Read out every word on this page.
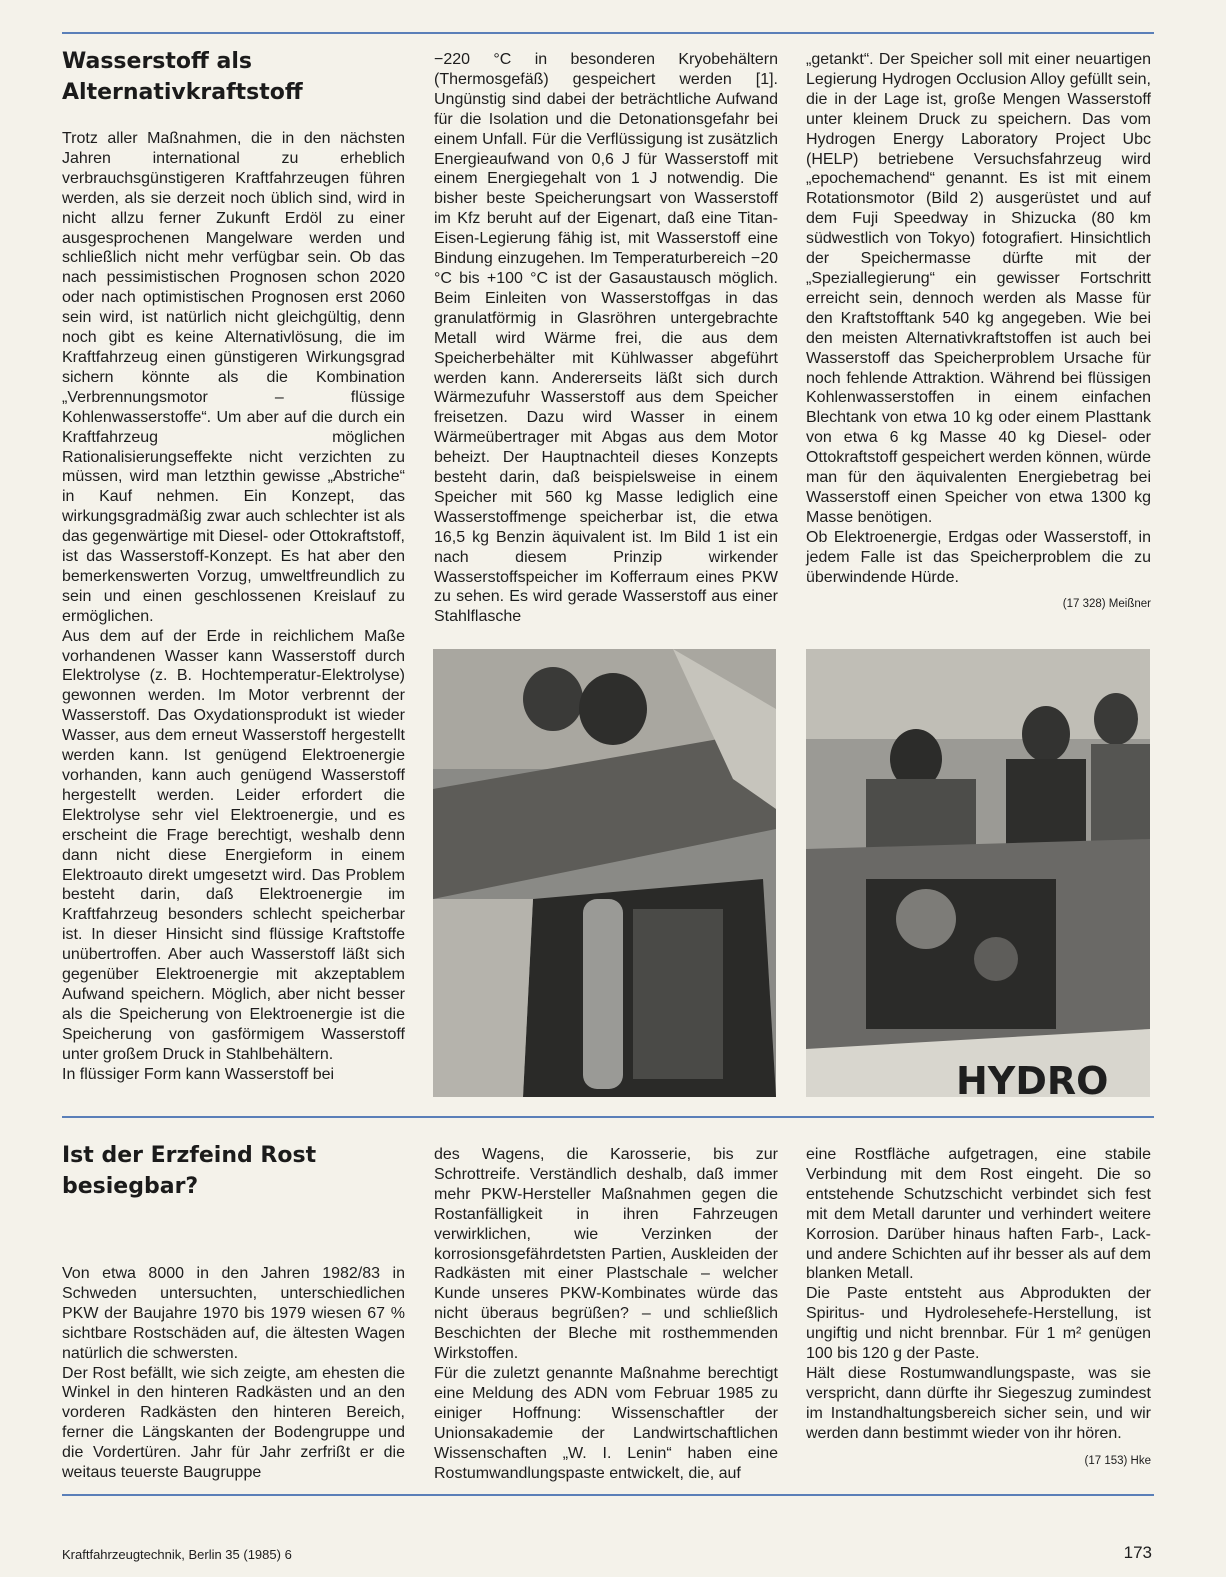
Wasserstoff als
Alternativkraftstoff

Trotz aller Maßnahmen, die in den nächsten Jahren international zu erheblich verbrauchsgünstigeren Kraftfahrzeugen führen werden, als sie derzeit noch üblich sind, wird in nicht allzu ferner Zukunft Erdöl zu einer ausgesprochenen Mangelware werden und schließlich nicht mehr verfügbar sein. Ob das nach pessimistischen Prognosen schon 2020 oder nach optimistischen Prognosen erst 2060 sein wird, ist natürlich nicht gleichgültig, denn noch gibt es keine Alternativlösung, die im Kraftfahrzeug einen günstigeren Wirkungsgrad sichern könnte als die Kombination „Verbrennungsmotor – flüssige Kohlenwasserstoffe“. Um aber auf die durch ein Kraftfahrzeug möglichen Rationalisierungseffekte nicht verzichten zu müssen, wird man letzthin gewisse „Abstriche“ in Kauf nehmen. Ein Konzept, das wirkungsgradmäßig zwar auch schlechter ist als das gegenwärtige mit Diesel- oder Ottokraftstoff, ist das Wasserstoff-Konzept. Es hat aber den bemerkenswerten Vorzug, umweltfreundlich zu sein und einen geschlossenen Kreislauf zu ermöglichen.

Aus dem auf der Erde in reichlichem Maße vorhandenen Wasser kann Wasserstoff durch Elektrolyse (z. B. Hochtemperatur-Elektrolyse) gewonnen werden. Im Motor verbrennt der Wasserstoff. Das Oxydationsprodukt ist wieder Wasser, aus dem erneut Wasserstoff hergestellt werden kann. Ist genügend Elektroenergie vorhanden, kann auch genügend Wasserstoff hergestellt werden. Leider erfordert die Elektrolyse sehr viel Elektroenergie, und es erscheint die Frage berechtigt, weshalb denn dann nicht diese Energieform in einem Elektroauto direkt umgesetzt wird. Das Problem besteht darin, daß Elektroenergie im Kraftfahrzeug besonders schlecht speicherbar ist. In dieser Hinsicht sind flüssige Kraftstoffe unübertroffen. Aber auch Wasserstoff läßt sich gegenüber Elektroenergie mit akzeptablem Aufwand speichern. Möglich, aber nicht besser als die Speicherung von Elektroenergie ist die Speicherung von gasförmigem Wasserstoff unter großem Druck in Stahlbehältern.

In flüssiger Form kann Wasserstoff bei

−220 °C in besonderen Kryobehältern (Thermosgefäß) gespeichert werden [1]. Ungünstig sind dabei der beträchtliche Aufwand für die Isolation und die Detonationsgefahr bei einem Unfall. Für die Verflüssigung ist zusätzlich Energieaufwand von 0,6 J für Wasserstoff mit einem Energiegehalt von 1 J notwendig. Die bisher beste Speicherungsart von Wasserstoff im Kfz beruht auf der Eigenart, daß eine Titan-Eisen-Legierung fähig ist, mit Wasserstoff eine Bindung einzugehen. Im Temperaturbereich −20 °C bis +100 °C ist der Gasaustausch möglich. Beim Einleiten von Wasserstoffgas in das granulatförmig in Glasröhren untergebrachte Metall wird Wärme frei, die aus dem Speicherbehälter mit Kühlwasser abgeführt werden kann. Andererseits läßt sich durch Wärmezufuhr Wasserstoff aus dem Speicher freisetzen. Dazu wird Wasser in einem Wärmeübertrager mit Abgas aus dem Motor beheizt. Der Hauptnachteil dieses Konzepts besteht darin, daß beispielsweise in einem Speicher mit 560 kg Masse lediglich eine Wasserstoffmenge speicherbar ist, die etwa 16,5 kg Benzin äquivalent ist. Im Bild 1 ist ein nach diesem Prinzip wirkender Wasserstoffspeicher im Kofferraum eines PKW zu sehen. Es wird gerade Wasserstoff aus einer Stahlflasche

„getankt“. Der Speicher soll mit einer neuartigen Legierung Hydrogen Occlusion Alloy gefüllt sein, die in der Lage ist, große Mengen Wasserstoff unter kleinem Druck zu speichern. Das vom Hydrogen Energy Laboratory Project Ubc (HELP) betriebene Versuchsfahrzeug wird „epochemachend“ genannt. Es ist mit einem Rotationsmotor (Bild 2) ausgerüstet und auf dem Fuji Speedway in Shizucka (80 km südwestlich von Tokyo) fotografiert. Hinsichtlich der Speichermasse dürfte mit der „Speziallegierung“ ein gewisser Fortschritt erreicht sein, dennoch werden als Masse für den Kraftstofftank 540 kg angegeben. Wie bei den meisten Alternativkraftstoffen ist auch bei Wasserstoff das Speicherproblem Ursache für noch fehlende Attraktion. Während bei flüssigen Kohlenwasserstoffen in einem einfachen Blechtank von etwa 10 kg oder einem Plasttank von etwa 6 kg Masse 40 kg Diesel- oder Ottokraftstoff gespeichert werden können, würde man für den äquivalenten Energiebetrag bei Wasserstoff einen Speicher von etwa 1300 kg Masse benötigen.

Ob Elektroenergie, Erdgas oder Wasserstoff, in jedem Falle ist das Speicherproblem die zu überwindende Hürde.

(17 328) Meißner
HYDRO
Ist der Erzfeind Rost
besiegbar?

Von etwa 8000 in den Jahren 1982/83 in Schweden untersuchten, unterschiedlichen PKW der Baujahre 1970 bis 1979 wiesen 67 % sichtbare Rostschäden auf, die ältesten Wagen natürlich die schwersten.

Der Rost befällt, wie sich zeigte, am ehesten die Winkel in den hinteren Radkästen und an den vorderen Radkästen den hinteren Bereich, ferner die Längskanten der Bodengruppe und die Vordertüren. Jahr für Jahr zerfrißt er die weitaus teuerste Baugruppe

des Wagens, die Karosserie, bis zur Schrottreife. Verständlich deshalb, daß immer mehr PKW-Hersteller Maßnahmen gegen die Rostanfälligkeit in ihren Fahrzeugen verwirklichen, wie Verzinken der korrosionsgefährdetsten Partien, Auskleiden der Radkästen mit einer Plastschale – welcher Kunde unseres PKW-Kombinates würde das nicht überaus begrüßen? – und schließlich Beschichten der Bleche mit rosthemmenden Wirkstoffen.

Für die zuletzt genannte Maßnahme berechtigt eine Meldung des ADN vom Februar 1985 zu einiger Hoffnung: Wissenschaftler der Unionsakademie der Landwirtschaftlichen Wissenschaften „W. I. Lenin“ haben eine Rostumwandlungspaste entwickelt, die, auf

eine Rostfläche aufgetragen, eine stabile Verbindung mit dem Rost eingeht. Die so entstehende Schutzschicht verbindet sich fest mit dem Metall darunter und verhindert weitere Korrosion. Darüber hinaus haften Farb-, Lack- und andere Schichten auf ihr besser als auf dem blanken Metall.

Die Paste entsteht aus Abprodukten der Spiritus- und Hydrolesehefe-Herstellung, ist ungiftig und nicht brennbar. Für 1 m² genügen 100 bis 120 g der Paste.

Hält diese Rostumwandlungspaste, was sie verspricht, dann dürfte ihr Siegeszug zumindest im Instandhaltungsbereich sicher sein, und wir werden dann bestimmt wieder von ihr hören.

(17 153) Hke
Kraftfahrzeugtechnik, Berlin 35 (1985) 6	173
